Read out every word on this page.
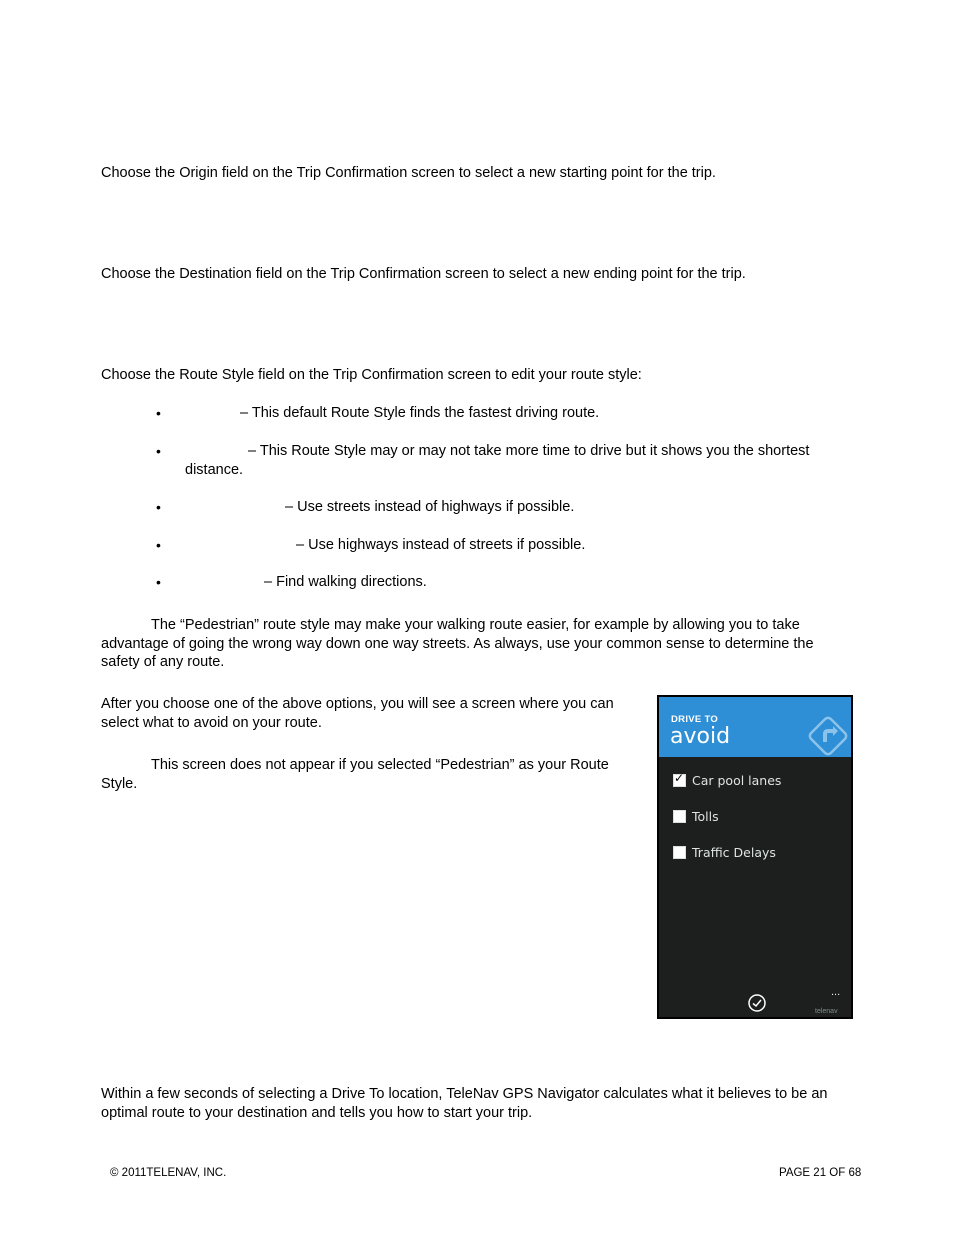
Choose the Origin field on the Trip Confirmation screen to select a new starting point for the trip.

Choose the Destination field on the Trip Confirmation screen to select a new ending point for the trip.

Choose the Route Style field on the Trip Confirmation screen to edit your route style:

•	– This default Route Style finds the fastest driving route.

•	– This Route Style may or may not take more time to drive but it shows you the shortest distance.

•	– Use streets instead of highways if possible.

•	– Use highways instead of streets if possible.

•	– Find walking directions.

The “Pedestrian” route style may make your walking route easier, for example by allowing you to take advantage of going the wrong way down one way streets. As always, use your common sense to determine the safety of any route.

After you choose one of the above options, you will see a screen where you can select what to avoid on your route.

This screen does not appear if you selected “Pedestrian” as your Route Style.

DRIVE TO
avoid
✓ Car pool lanes
Tolls
Traffic Delays
...
telenav

Within a few seconds of selecting a Drive To location, TeleNav GPS Navigator calculates what it believes to be an optimal route to your destination and tells you how to start your trip.

© 2011TELENAV, INC.	PAGE 21 OF 68
